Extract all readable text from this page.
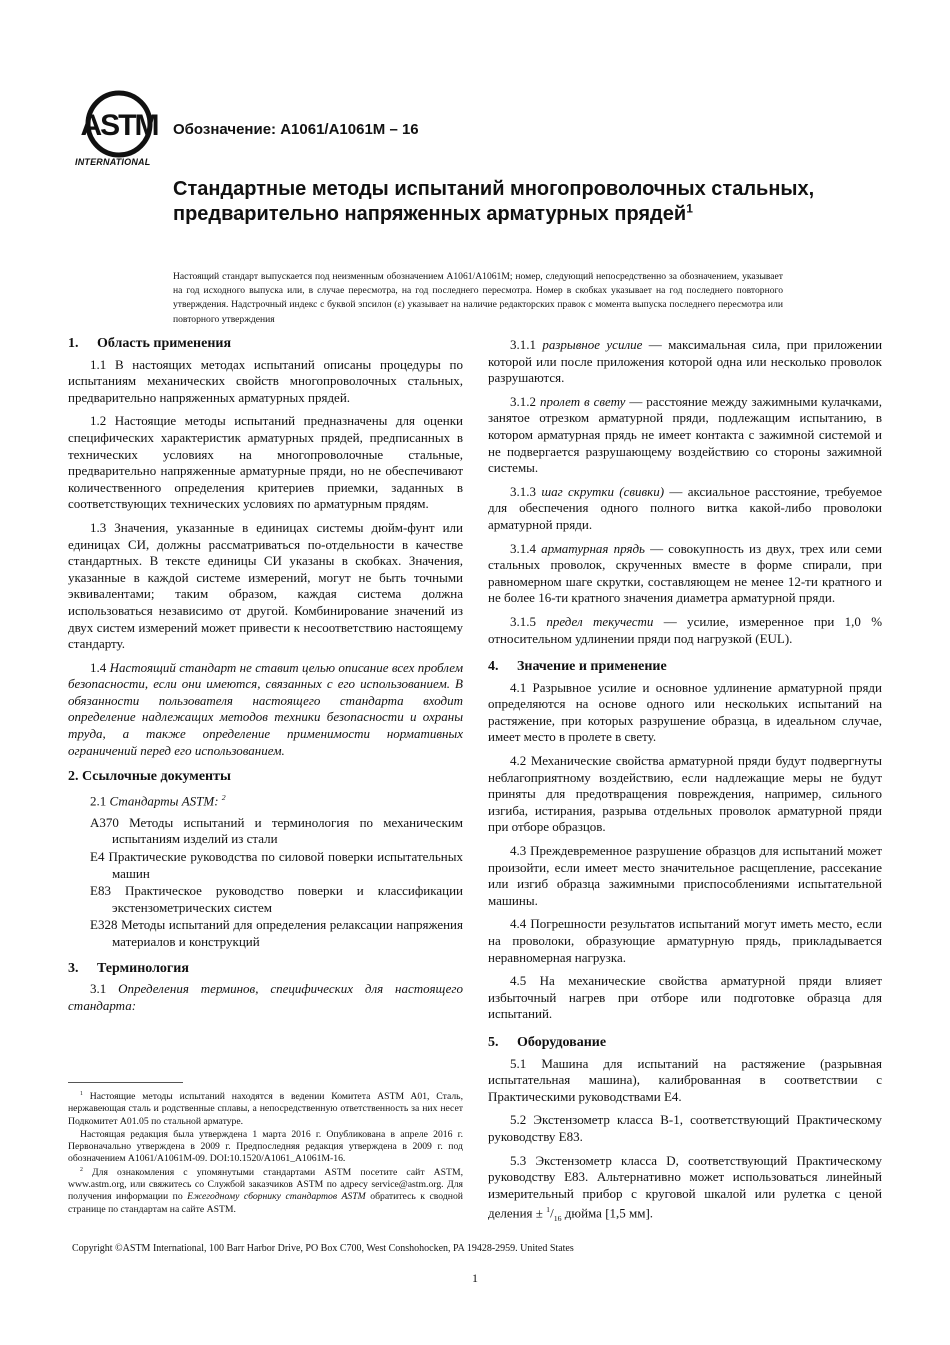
ASTM
INTERNATIONAL
Обозначение: A1061/A1061M – 16
Стандартные методы испытаний многопроволочных стальных, предварительно напряженных арматурных прядей$^1$
Настоящий стандарт выпускается под неизменным обозначением A1061/A1061M; номер, следующий непосредственно за обозначением, указывает на год исходного выпуска или, в случае пересмотра, на год последнего пересмотра. Номер в скобках указывает на год последнего повторного утверждения. Надстрочный индекс с буквой эпсилон (ε) указывает на наличие редакторских правок с момента выпуска последнего пересмотра или повторного утверждения
1. Область применения
1.1 В настоящих методах испытаний описаны процедуры по испытаниям механических свойств многопроволочных стальных, предварительно напряженных арматурных прядей.
1.2 Настоящие методы испытаний предназначены для оценки специфических характеристик арматурных прядей, предписанных в технических условиях на многопроволочные стальные, предварительно напряженные арматурные пряди, но не обеспечивают количественного определения критериев приемки, заданных в соответствующих технических условиях по арматурным прядям.
1.3 Значения, указанные в единицах системы дюйм-фунт или единицах СИ, должны рассматриваться по-отдельности в качестве стандартных. В тексте единицы СИ указаны в скобках. Значения, указанные в каждой системе измерений, могут не быть точными эквивалентами; таким образом, каждая система должна использоваться независимо от другой. Комбинирование значений из двух систем измерений может привести к несоответствию настоящему стандарту.
1.4 Настоящий стандарт не ставит целью описание всех проблем безопасности, если они имеются, связанных с его использованием. В обязанности пользователя настоящего стандарта входит определение надлежащих методов техники безопасности и охраны труда, а также определение применимости нормативных ограничений перед его использованием.
2. Ссылочные документы
2.1 Стандарты ASTM: $^2$
A370 Методы испытаний и терминология по механическим испытаниям изделий из стали
E4 Практические руководства по силовой поверки испытательных машин
E83 Практическое руководство поверки и классификации экстензометрических систем
E328 Методы испытаний для определения релаксации напряжения материалов и конструкций
3. Терминология
3.1 Определения терминов, специфических для настоящего стандарта:
$^1$ Настоящие методы испытаний находятся в ведении Комитета ASTM A01, Сталь, нержавеющая сталь и родственные сплавы, а непосредственную ответственность за них несет Подкомитет A01.05 по стальной арматуре.
Настоящая редакция была утверждена 1 марта 2016 г. Опубликована в апреле 2016 г. Первоначально утверждена в 2009 г. Предпоследняя редакция утверждена в 2009 г. под обозначением A1061/A1061M-09. DOI:10.1520/A1061_A1061M-16.
$^2$ Для ознакомления с упомянутыми стандартами ASTM посетите сайт ASTM, www.astm.org, или свяжитесь со Службой заказчиков ASTM по адресу service@astm.org. Для получения информации по Ежегодному сборнику стандартов ASTM обратитесь к сводной странице по стандартам на сайте ASTM.
3.1.1 разрывное усилие — максимальная сила, при приложении которой или после приложения которой одна или несколько проволок разрушаются.
3.1.2 пролет в свету — расстояние между зажимными кулачками, занятое отрезком арматурной пряди, подлежащим испытанию, в котором арматурная прядь не имеет контакта с зажимной системой и не подвергается разрушающему воздействию со стороны зажимной системы.
3.1.3 шаг скрутки (свивки) — аксиальное расстояние, требуемое для обеспечения одного полного витка какой-либо проволоки арматурной пряди.
3.1.4 арматурная прядь — совокупность из двух, трех или семи стальных проволок, скрученных вместе в форме спирали, при равномерном шаге скрутки, составляющем не менее 12-ти кратного и не более 16-ти кратного значения диаметра арматурной пряди.
3.1.5 предел текучести — усилие, измеренное при 1,0 % относительном удлинении пряди под нагрузкой (EUL).
4. Значение и применение
4.1 Разрывное усилие и основное удлинение арматурной пряди определяются на основе одного или нескольких испытаний на растяжение, при которых разрушение образца, в идеальном случае, имеет место в пролете в свету.
4.2 Механические свойства арматурной пряди будут подвергнуты неблагоприятному воздействию, если надлежащие меры не будут приняты для предотвращения повреждения, например, сильного изгиба, истирания, разрыва отдельных проволок арматурной пряди при отборе образцов.
4.3 Преждевременное разрушение образцов для испытаний может произойти, если имеет место значительное расщепление, рассекание или изгиб образца зажимными приспособлениями испытательной машины.
4.4 Погрешности результатов испытаний могут иметь место, если на проволоки, образующие арматурную прядь, прикладывается неравномерная нагрузка.
4.5 На механические свойства арматурной пряди влияет избыточный нагрев при отборе или подготовке образца для испытаний.
5. Оборудование
5.1 Машина для испытаний на растяжение (разрывная испытательная машина), калиброванная в соответствии с Практическими руководствами E4.
5.2 Экстензометр класса B-1, соответствующий Практическому руководству E83.
5.3 Экстензометр класса D, соответствующий Практическому руководству E83. Альтернативно может использоваться линейный измерительный прибор с круговой шкалой или рулетка с ценой деления ± $^1/_{16}$ дюйма [1,5 мм].
Copyright ©ASTM International, 100 Barr Harbor Drive, PO Box C700, West Conshohocken, PA 19428-2959. United States
1
